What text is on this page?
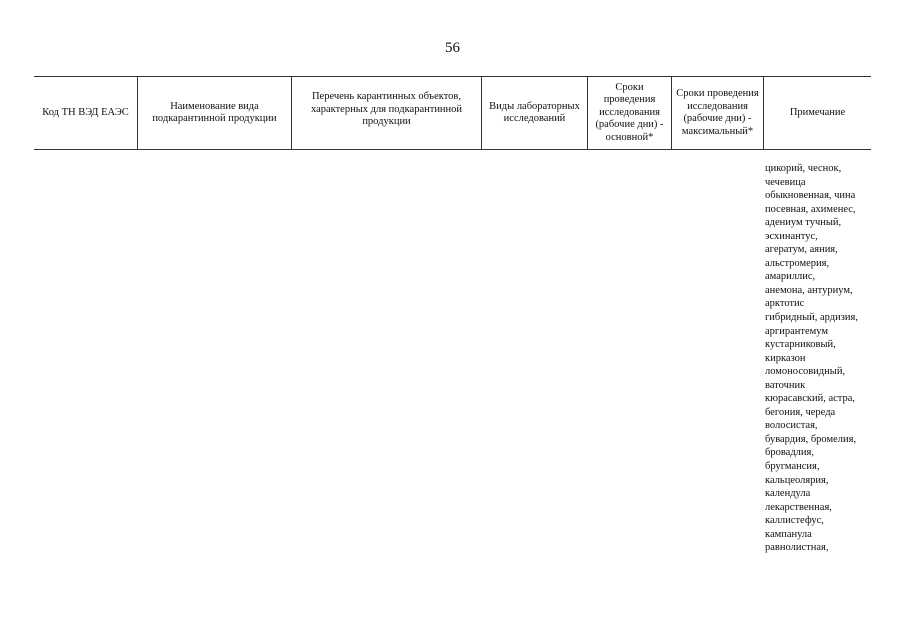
56
Код ТН ВЭД ЕАЭС
Наименование вида подкарантинной продукции
Перечень карантинных объектов, характерных для подкарантинной продукции
Виды лабораторных исследований
Сроки проведения исследования (рабочие дни) - основной*
Сроки проведения исследования (рабочие дни) - максимальный*
Примечание
цикорий, чеснок,
чечевица
обыкновенная, чина
посевная, ахименес,
адениум тучный,
эсхинантус,
агератум, аяния,
альстромерия,
амариллис,
анемона, антуриум,
арктотис
гибридный, ардизия,
аргирантемум
кустарниковый,
кирказон
ломоносовидный,
ваточник
кюрасавский, астра,
бегония, череда
волосистая,
бувардия, бромелия,
бровадлия,
бругмансия,
кальцеолярия,
календула
лекарственная,
каллистефус,
кампанула
равнолистная,
